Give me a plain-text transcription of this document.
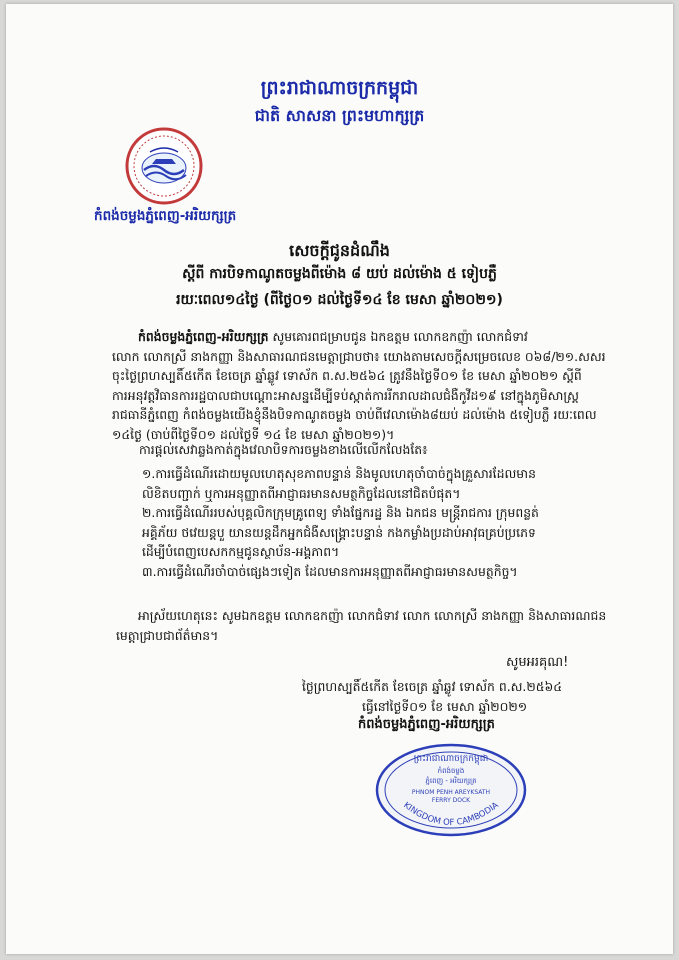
ព្រះរាជាណាចក្រកម្ពុជា
ជាតិ សាសនា ព្រះមហាក្សត្រ
កំពង់ចម្លងភ្នំពេញ-អរិយក្សត្រ
សេចក្តីជូនដំណឹង
ស្តីពី ការបិទកាណូតចម្លងពីម៉ោង ៨ យប់ ដល់ម៉ោង ៥ ទៀបភ្លឺ
រយៈពេល១៤ថ្ងៃ (ពីថ្ងៃ០១ ដល់ថ្ងៃទី១៤ ខែ មេសា ឆ្នាំ២០២១)
កំពង់ចម្លងភ្នំពេញ-អរិយក្សត្រ សូមគោរពជម្រាបជូន ឯកឧត្តម លោកឧកញ៉ា លោកជំទាវ
លោក លោកស្រី នាងកញ្ញា និងសាធារណជនមេត្តាជ្រាបថា៖ យោងតាមសេចក្តីសម្រេចលេខ ០៦៨/២១.សសរ
ចុះថ្ងៃព្រហស្បតិ៍៥កើត ខែចេត្រ ឆ្នាំឆ្លូវ ទោស័ក ព.ស.២៥៦៤ ត្រូវនឹងថ្ងៃទី០១ ខែ មេសា ឆ្នាំ២០២១ ស្តីពី
ការអនុវត្តវិធានការរដ្ឋបាលជាបណ្តោះអាសន្នដើម្បីទប់ស្កាត់ការរីករាលដាលជំងឺកូវីដ១៩ នៅក្នុងភូមិសាស្ត្រ
រាជធានីភ្នំពេញ កំពង់ចម្លងយើងខ្ញុំនឹងបិទកាណូតចម្លង ចាប់ពីវេលាម៉ោង៨យប់ ដល់ម៉ោង ៥ទៀបភ្លឺ រយៈពេល
១៤ថ្ងៃ (ចាប់ពីថ្ងៃទី០១ ដល់ថ្ងៃទី ១៤ ខែ មេសា ឆ្នាំ២០២១)។
ការផ្តល់សេវាឆ្លងកាត់ក្នុងវេលាបិទការចម្លងខាងលើលើកលែងតែ៖
១.ការធ្វើដំណើរដោយមូលហេតុសុខភាពបន្ទាន់ និងមូលហេតុចាំបាច់ក្នុងគ្រួសារដែលមាន
លិខិតបញ្ជាក់ ឬការអនុញ្ញាតពីអាជ្ញាធរមានសមត្ថកិច្ចដែលនៅជិតបំផុត។
២.ការធ្វើដំណើររបស់បុគ្គលិកក្រុមគ្រូពេទ្យ ទាំងផ្នែករដ្ឋ និង ឯកជន មន្ត្រីរាជការ ក្រុមពន្លត់
អគ្គិភ័យ ថវេយន្តបួ យានយន្តដឹកអ្នកជំងឺសង្គ្រោះបន្ទាន់ កងកម្លាំងប្រដាប់អាវុធគ្រប់ប្រភេទ
ដើម្បីបំពេញបេសកកម្មជូនស្ថាប័ន-អង្គភាព។
៣.ការធ្វើដំណើរចាំបាច់ផ្សេងៗទៀត ដែលមានការអនុញ្ញាតពីអាជ្ញាធរមានសមត្ថកិច្ច។
អាស្រ័យហេតុនេះ សូមឯកឧត្តម លោកឧកញ៉ា លោកជំទាវ លោក លោកស្រី នាងកញ្ញា និងសាធារណជន
មេត្តាជ្រាបជាព័ត៌មាន។
សូមអរគុណ!
ថ្ងៃព្រហស្បតិ៍៥កើត ខែចេត្រ ឆ្នាំឆ្លូវ ទោស័ក ព.ស.២៥៦៤
ធ្វើនៅថ្ងៃទី០១ ខែ មេសា ឆ្នាំ២០២១
កំពង់ចម្លងភ្នំពេញ-អរិយក្សត្រ
ព្រះរាជាណាចក្រកម្ពុជា
កំពង់ចម្លង
ភ្នំពេញ - អរិយក្សត្រ
PHNOM PENH AREYKSATH
FERRY DOCK
KINGDOM OF CAMBODIA
